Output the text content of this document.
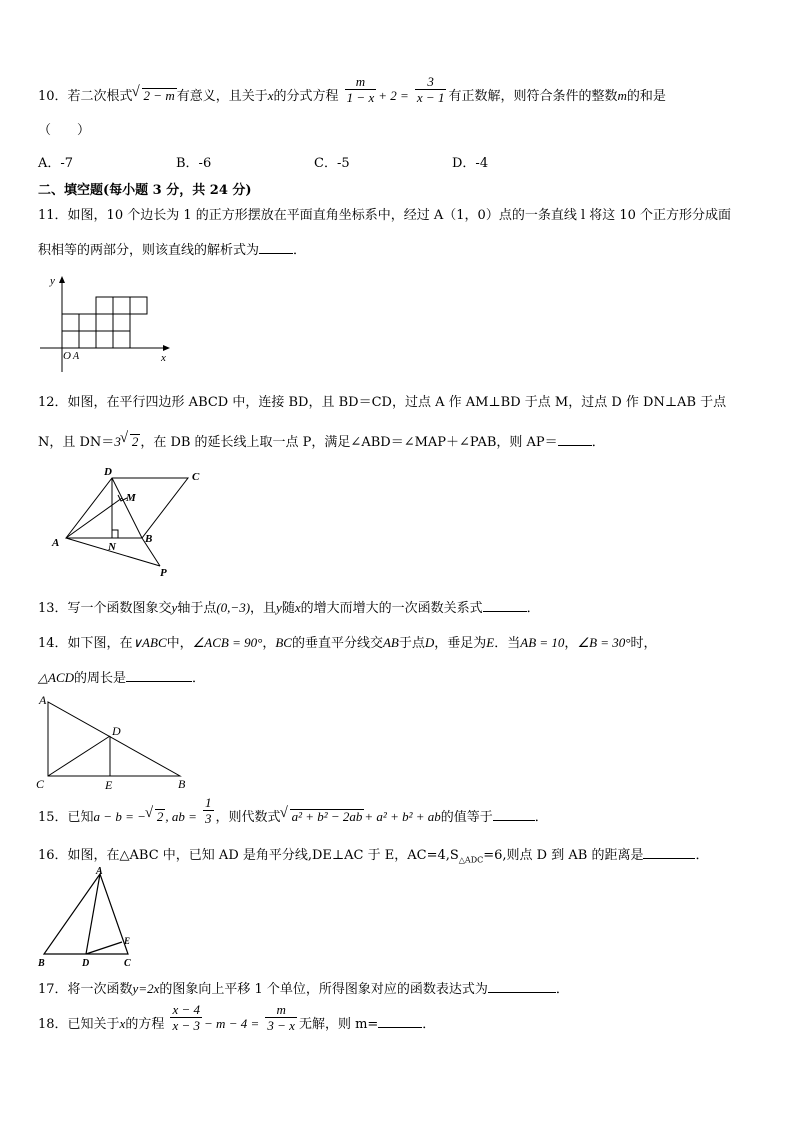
10．若二次根式 √ 2 − m 有意义，且关于x的分式方程 $\frac{m}{1 - x} + 2 = \frac{3}{x - 1}$ 有正数解，则符合条件的整数m的和是
（　　）
A．-7	B．-6	C．-5	D．-4
二、填空题(每小题 3 分，共 24 分)
11．如图，10 个边长为 1 的正方形摆放在平面直角坐标系中，经过 A（1，0）点的一条直线 l 将这 10 个正方形分成面
积相等的两部分，则该直线的解析式为	．
y
x
O A
12．如图，在平行四边形 ABCD 中，连接 BD，且 BD＝CD，过点 A 作 AM⊥BD 于点 M，过点 D 作 DN⊥AB 于点
N，且 DN＝3 √ 2 ，在 DB 的延长线上取一点 P，满足∠ABD＝∠MAP＋∠PAB，则 AP＝	．
D	C
M
A	N
B
P
13．写一个函数图象交y轴于点(0,−3)，且y随x的增大而增大的一次函数关系式	．
14．如下图，在∨ABC中，∠ACB = 90°，BC的垂直平分线交AB于点D，垂足为E．当AB = 10，∠B = 30°时，
△ACD的周长是	．
A
D
C	E	B
15．已知a − b = − √ 2 , ab = $\frac{1}{3}$ ，则代数式 √ a² + b² − 2ab + a² + b² + ab的值等于	．
16．如图，在△ABC 中，已知 AD 是角平分线,DE⊥AC 于 E，$AC=4,S_{\triangle ADC}=6$,则点 D 到 AB 的距离是	．
A
E
B	D	C
17．将一次函数y=2x的图象向上平移 1 个单位，所得图象对应的函数表达式为	．
18．已知关于x的方程 $\frac{x - 4}{x - 3} - m - 4 = \frac{m}{3 - x}$ 无解，则 m=	．
